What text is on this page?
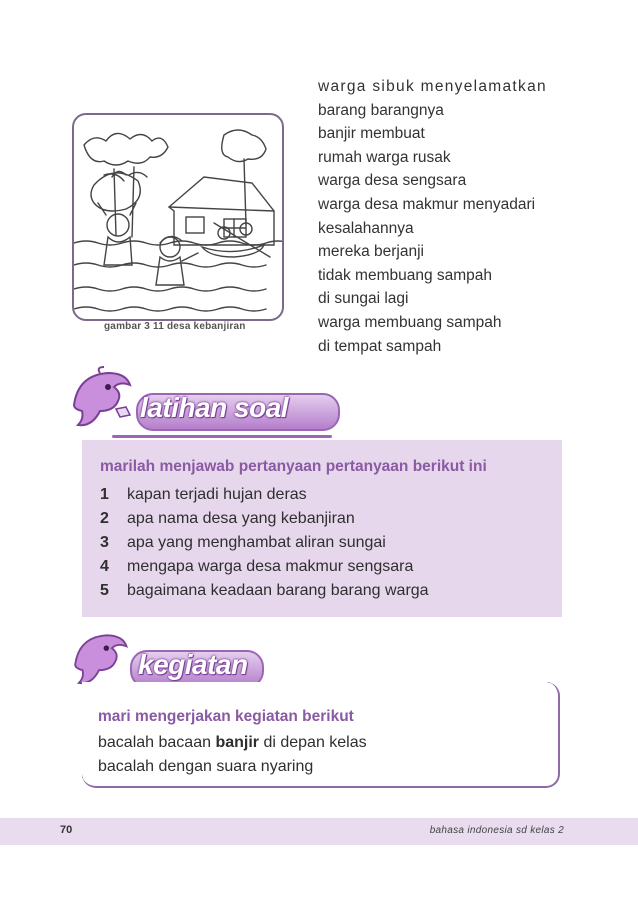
gambar 3 11 desa kebanjiran
warga sibuk menyelamatkan
barang barangnya
banjir membuat
rumah warga rusak
warga desa sengsara
warga desa makmur menyadari
kesalahannya
mereka berjanji
tidak membuang sampah
di sungai lagi
warga membuang sampah
di tempat sampah
latihan soal
marilah menjawab pertanyaan pertanyaan berikut ini
1 kapan terjadi hujan deras
2 apa nama desa yang kebanjiran
3 apa yang menghambat aliran sungai
4 mengapa warga desa makmur sengsara
5 bagaimana keadaan barang barang warga
kegiatan
mari mengerjakan kegiatan berikut
bacalah bacaan banjir di depan kelas
bacalah dengan suara nyaring
70	bahasa indonesia sd kelas 2
